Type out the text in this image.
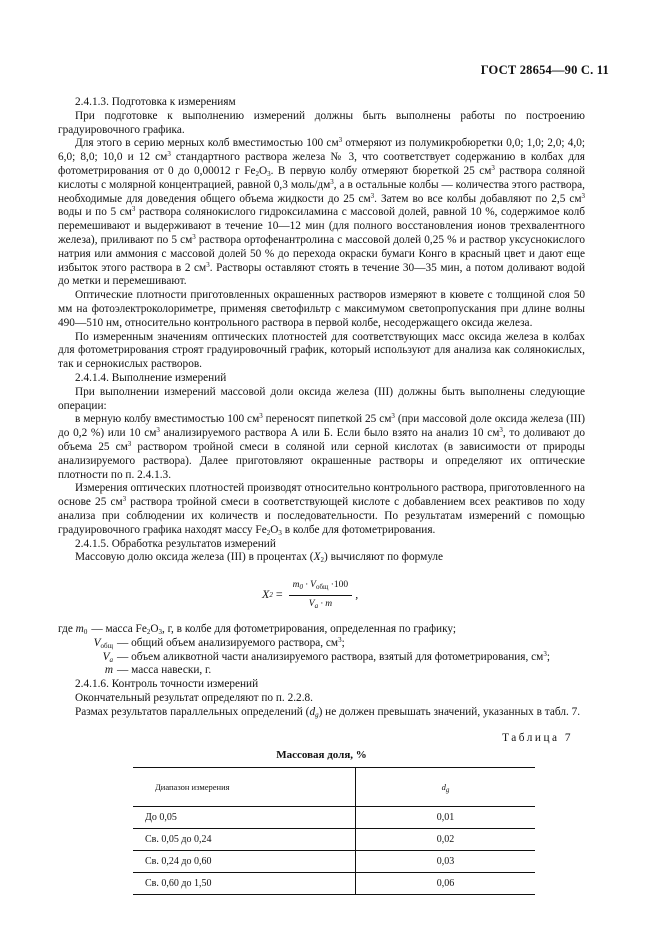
ГОСТ 28654—90 С. 11

2.4.1.3. Подготовка к измерениям

При подготовке к выполнению измерений должны быть выполнены работы по построению градуировочного графика.

Для этого в серию мерных колб вместимостью 100 $см^3$ отмеряют из полумикробюретки 0,0; 1,0; 2,0; 4,0; 6,0; 8,0; 10,0 и 12 $см^3$ стандартного раствора железа № 3, что соответствует содержанию в колбах для фотометрирования от 0 до 0,00012 г $Fe_2O_3$. В первую колбу отмеряют бюреткой 25 $см^3$ раствора соляной кислоты с молярной концентрацией, равной 0,3 моль/$дм^3$, а в остальные колбы — количества этого раствора, необходимые для доведения общего объема жидкости до 25 $см^3$. Затем во все колбы добавляют по 2,5 $см^3$ воды и по 5 $см^3$ раствора солянокислого гидроксиламина с массовой долей, равной 10 %, содержимое колб перемешивают и выдерживают в течение 10—12 мин (для полного восстановления ионов трехвалентного железа), приливают по 5 $см^3$ раствора ортофенантролина с массовой долей 0,25 % и раствор уксуснокислого натрия или аммония с массовой долей 50 % до перехода окраски бумаги Конго в красный цвет и дают еще избыток этого раствора в 2 $см^3$. Растворы оставляют стоять в течение 30—35 мин, а потом доливают водой до метки и перемешивают.

Оптические плотности приготовленных окрашенных растворов измеряют в кювете с толщиной слоя 50 мм на фотоэлектроколориметре, применяя светофильтр с максимумом светопропускания при длине волны 490—510 нм, относительно контрольного раствора в первой колбе, несодержащего оксида железа.

По измеренным значениям оптических плотностей для соответствующих масс оксида железа в колбах для фотометрирования строят градуировочный график, который используют для анализа как солянокислых, так и сернокислых растворов.

2.4.1.4. Выполнение измерений

При выполнении измерений массовой доли оксида железа (III) должны быть выполнены следующие операции:

в мерную колбу вместимостью 100 $см^3$ переносят пипеткой 25 $см^3$ (при массовой доле оксида железа (III) до 0,2 %) или 10 $см^3$ анализируемого раствора А или Б. Если было взято на анализ 10 $см^3$, то доливают до объема 25 $см^3$ раствором тройной смеси в соляной или серной кислотах (в зависимости от природы анализируемого раствора). Далее приготовляют окрашенные растворы и определяют их оптические плотности по п. 2.4.1.3.

Измерения оптических плотностей производят относительно контрольного раствора, приготовленного на основе 25 $см^3$ раствора тройной смеси в соответствующей кислоте с добавлением всех реактивов по ходу анализа при соблюдении их количеств и последовательности. По результатам измерений с помощью градуировочного графика находят массу $Fe_2O_3$ в колбе для фотометрирования.

2.4.1.5. Обработка результатов измерений

Массовую долю оксида железа (III) в процентах $(X_2)$ вычисляют по формуле

X $2 = \frac{m_0 \cdot V_{общ} \cdot 100}{V_a \cdot m}$ ,
где $m_0$ — масса $Fe_2O_3$, г, в колбе для фотометрирования, определенная по графику;
$V_{общ}$ — общий объем анализируемого раствора, $см^3$;
$V_a$ — объем аликвотной части анализируемого раствора, взятый для фотометрирования, $см^3$;
m — масса навески, г.

2.4.1.6. Контроль точности измерений

Окончательный результат определяют по п. 2.2.8.

Размах результатов параллельных определений $(d_g)$ не должен превышать значений, указанных в табл. 7.

Таблица 7
Массовая доля, %
Диапазон измерения	$d_g$
До 0,05	0,01
Св. 0,05 до 0,24	0,02
Св. 0,24 до 0,60	0,03
Св. 0,60 до 1,50	0,06
